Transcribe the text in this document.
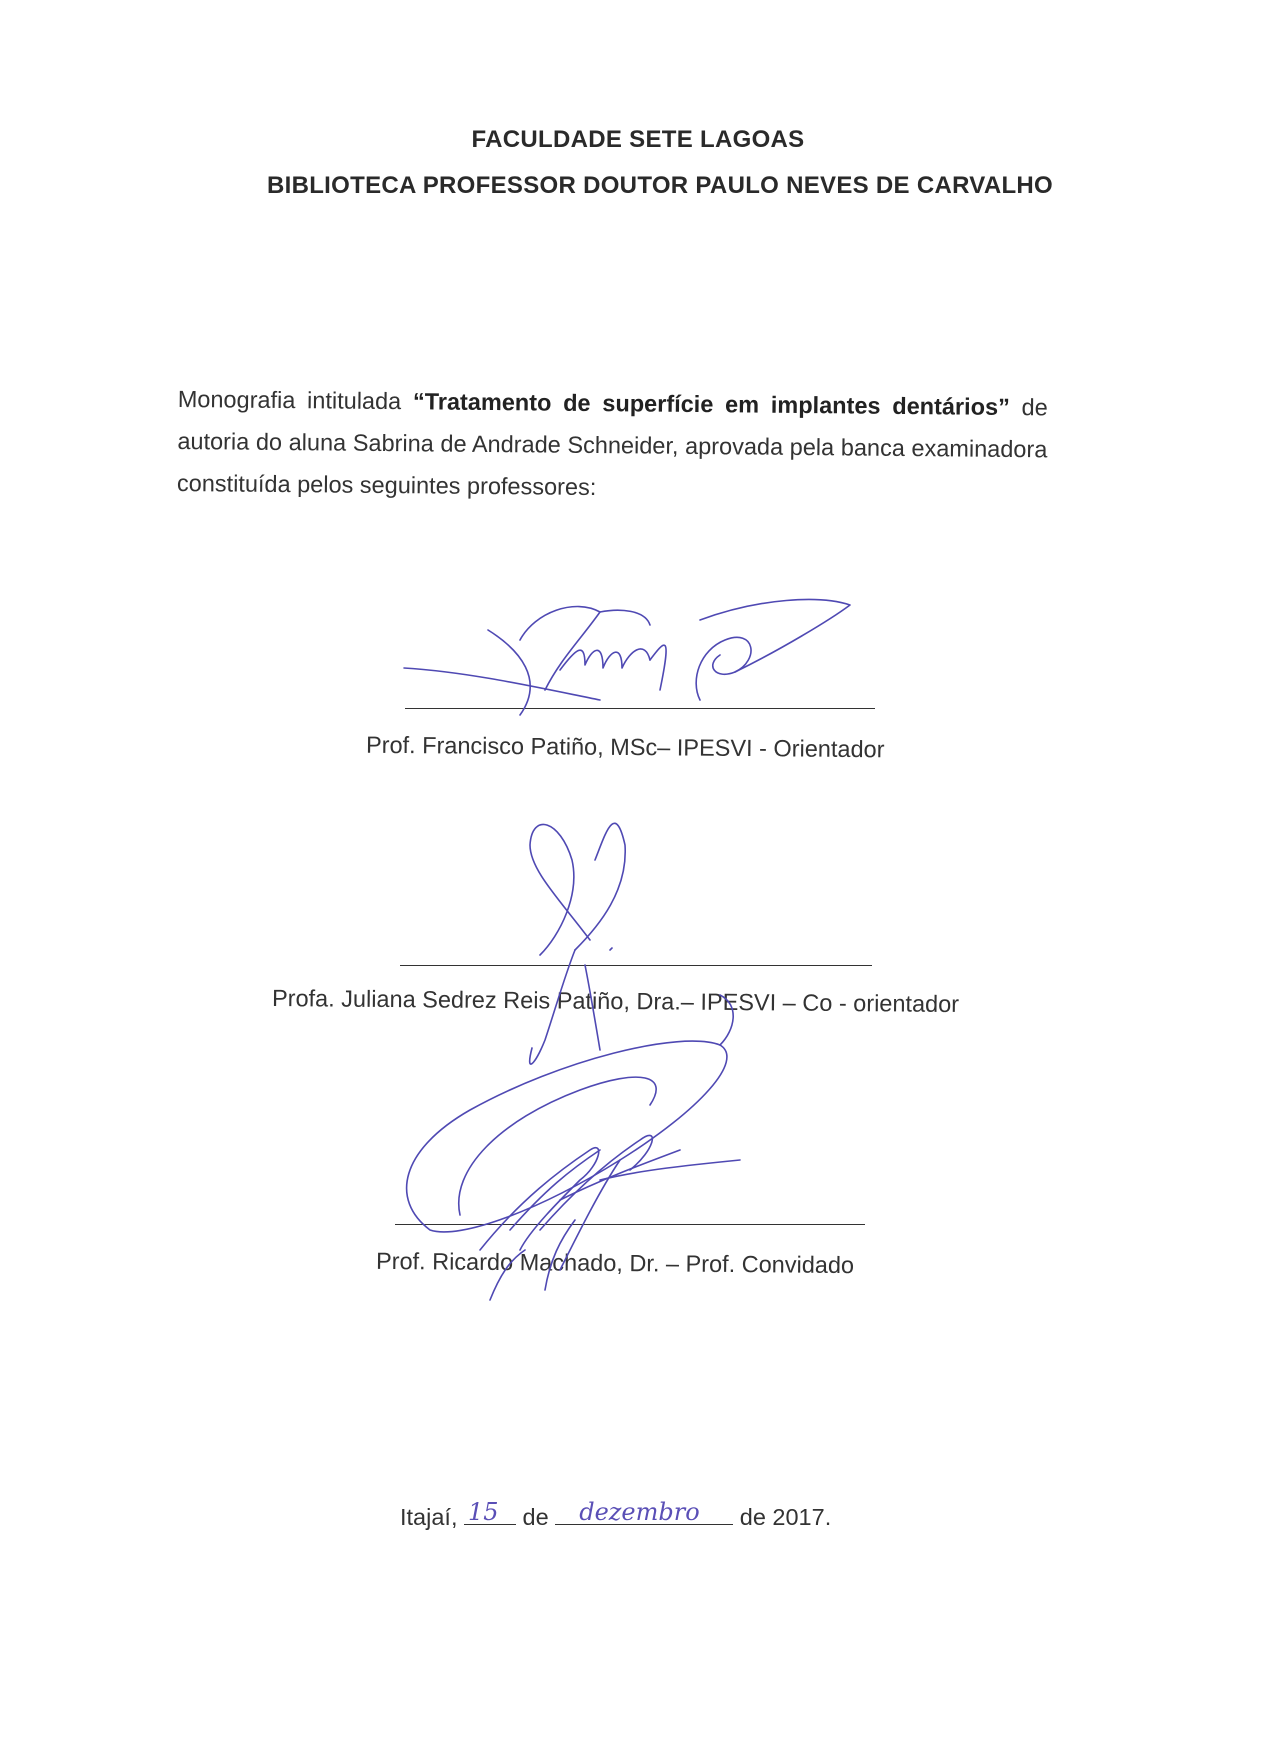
FACULDADE SETE LAGOAS
BIBLIOTECA PROFESSOR DOUTOR PAULO NEVES DE CARVALHO
Monografia intitulada “Tratamento de superfície em implantes dentários” de autoria do aluna Sabrina de Andrade Schneider, aprovada pela banca examinadora constituída pelos seguintes professores:
Prof. Francisco Patiño, MSc– IPESVI - Orientador
Profa. Juliana Sedrez Reis Patiño, Dra.– IPESVI – Co - orientador
Prof. Ricardo Machado, Dr. – Prof. Convidado
Itajaí, 15 de dezembro de 2017.
